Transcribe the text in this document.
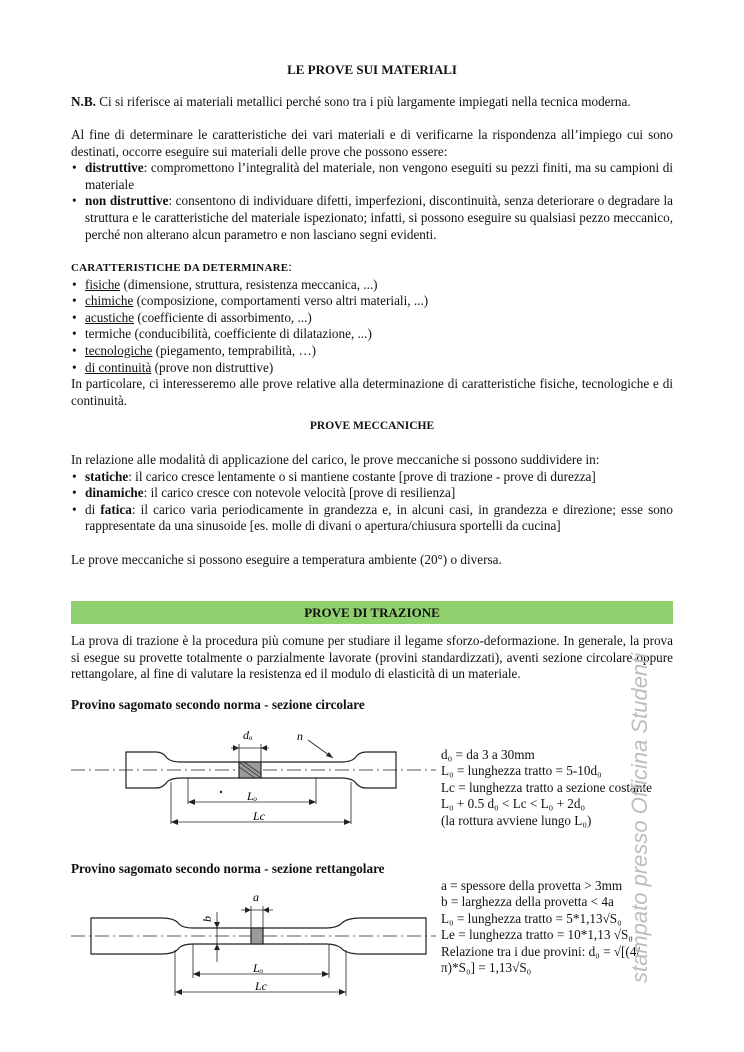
LE PROVE SUI MATERIALI
N.B. Ci si riferisce ai materiali metallici perché sono tra i più largamente impiegati nella tecnica moderna.
Al fine di determinare le caratteristiche dei vari materiali e di verificarne la rispondenza all’impiego cui sono destinati, occorre eseguire sui materiali delle prove che possono essere:
• distruttive: compromettono l’integralità del materiale, non vengono eseguiti su pezzi finiti, ma su campioni di materiale
• non distruttive: consentono di individuare difetti, imperfezioni, discontinuità, senza deteriorare o degradare la struttura e le caratteristiche del materiale ispezionato; infatti, si possono eseguire su qualsiasi pezzo meccanico, perché non alterano alcun parametro e non lasciano segni evidenti.
CARATTERISTICHE DA DETERMINARE:
• fisiche (dimensione, struttura, resistenza meccanica, ...)
• chimiche (composizione, comportamenti verso altri materiali, ...)
• acustiche (coefficiente di assorbimento, ...)
• termiche (conducibilità, coefficiente di dilatazione, ...)
• tecnologiche (piegamento, temprabilità, …)
• di continuità (prove non distruttive)
In particolare, ci interesseremo alle prove relative alla determinazione di caratteristiche fisiche, tecnologiche e di continuità.
PROVE MECCANICHE
In relazione alle modalità di applicazione del carico, le prove meccaniche si possono suddividere in:
• statiche: il carico cresce lentamente o si mantiene costante [prove di trazione - prove di durezza]
• dinamiche: il carico cresce con notevole velocità [prove di resilienza]
• di fatica: il carico varia periodicamente in grandezza e, in alcuni casi, in grandezza e direzione; esse sono rappresentate da una sinusoide [es. molle di divani o apertura/chiusura sportelli da cucina]
Le prove meccaniche si possono eseguire a temperatura ambiente (20°) o diversa.
PROVE DI TRAZIONE
La prova di trazione è la procedura più comune per studiare il legame sforzo-deformazione. In generale, la prova si esegue su provette totalmente o parzialmente lavorate (provini standardizzati), aventi sezione circolare oppure rettangolare, al fine di valutare la resistenza ed il modulo di elasticità di un materiale.
Provino sagomato secondo norma - sezione circolare
dₒ	n
Lₒ
Lc
d₀ = da 3 a 30mm
L₀ = lunghezza tratto = 5-10d₀
Lc = lunghezza tratto a sezione costante
L₀ + 0.5 d₀ < Lc < L₀ + 2d₀
(la rottura avviene lungo L₀)
Provino sagomato secondo norma - sezione rettangolare
a
b
Lₒ
Lc
a = spessore della provetta > 3mm
b = larghezza della provetta < 4a
L₀ = lunghezza tratto = 5*1,13√S₀
Le = lunghezza tratto = 10*1,13 √S₀
Relazione tra i due provini: d₀ = √[(4/
π)*S₀] = 1,13√S₀	stampato presso Officina Studenti
